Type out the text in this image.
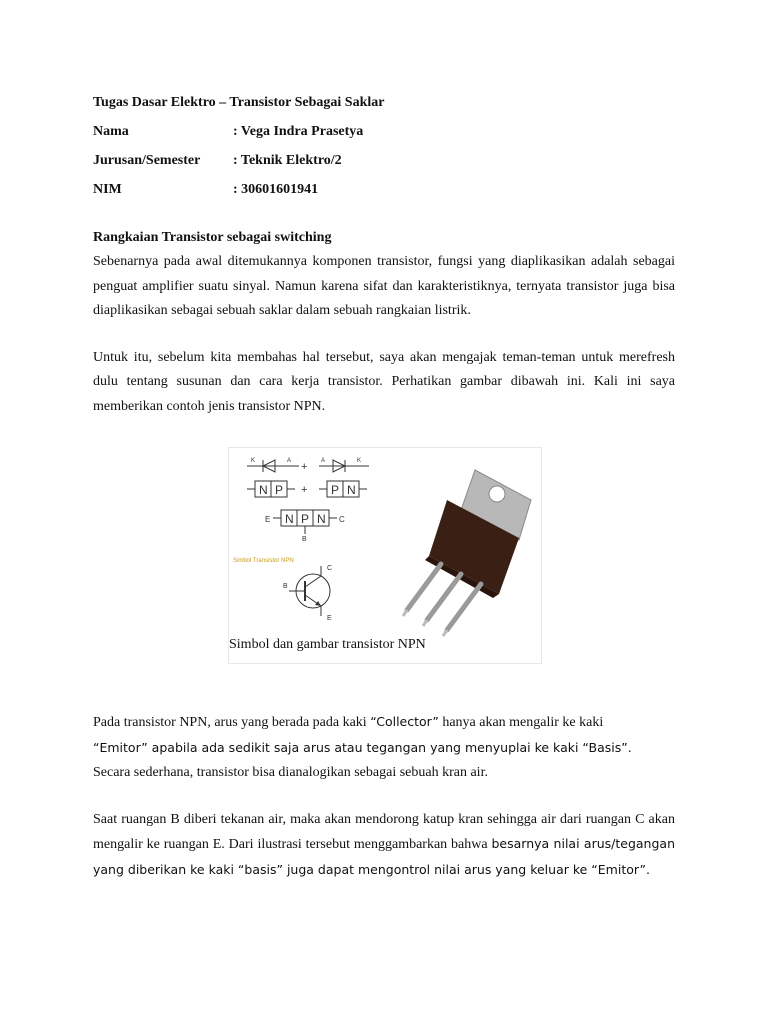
Tugas Dasar Elektro – Transistor Sebagai Saklar
Nama	: Vega Indra Prasetya
Jurusan/Semester	: Teknik Elektro/2
NIM	: 30601601941
Rangkaian Transistor sebagai switching

Sebenarnya pada awal ditemukannya komponen transistor, fungsi yang diaplikasikan adalah sebagai penguat amplifier suatu sinyal. Namun karena sifat dan karakteristiknya, ternyata transistor juga bisa diaplikasikan sebagai sebuah saklar dalam sebuah rangkaian listrik.

Untuk itu, sebelum kita membahas hal tersebut, saya akan mengajak teman-teman untuk merefresh dulu tentang susunan dan cara kerja transistor. Perhatikan gambar dibawah ini. Kali ini saya memberikan contoh jenis transistor NPN.

K	A + A	K
N P + P N
E	C
N P N
B
Simbol Transistor NPN
C
B
E
Simbol dan gambar transistor NPN

Pada transistor NPN, arus yang berada pada kaki “Collector” hanya akan mengalir ke kaki
“Emitor” apabila ada sedikit saja arus atau tegangan yang menyuplai ke kaki “Basis”.

Secara sederhana, transistor bisa dianalogikan sebagai sebuah kran air.

Saat ruangan B diberi tekanan air, maka akan mendorong katup kran sehingga air dari ruangan C akan mengalir ke ruangan E. Dari ilustrasi tersebut menggambarkan bahwa besarnya nilai arus/tegangan yang diberikan ke kaki “basis” juga dapat mengontrol nilai arus yang keluar ke “Emitor”.
